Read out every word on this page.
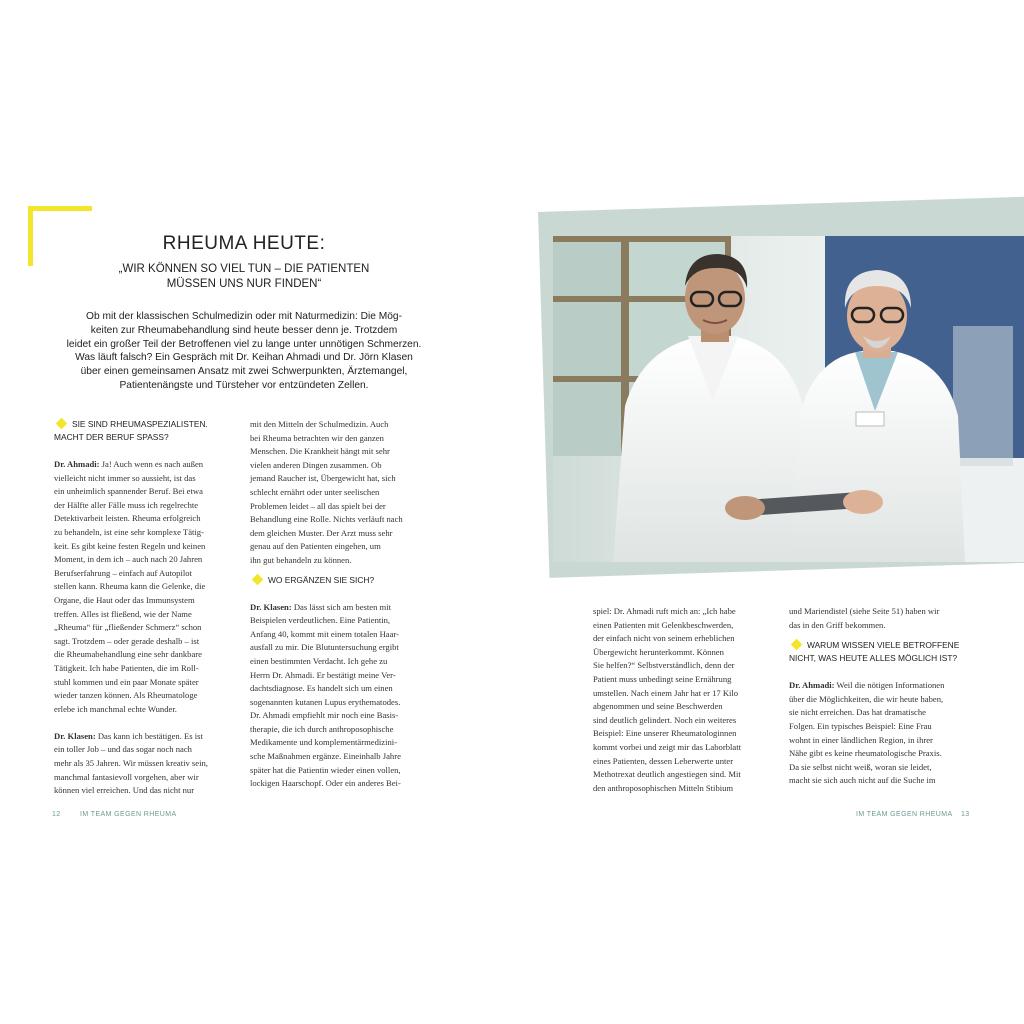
RHEUMA HEUTE:
„WIR KÖNNEN SO VIEL TUN – DIE PATIENTEN
MÜSSEN UNS NUR FINDEN“
Ob mit der klassischen Schulmedizin oder mit Naturmedizin: Die Mög-
keiten zur Rheumabehandlung sind heute besser denn je. Trotzdem
leidet ein großer Teil der Betroffenen viel zu lange unter unnötigen Schmerzen.
Was läuft falsch? Ein Gespräch mit Dr. Keihan Ahmadi und Dr. Jörn Klasen
über einen gemeinsamen Ansatz mit zwei Schwerpunkten, Ärztemangel,
Patientenängste und Türsteher vor entzündeten Zellen.

SIE SIND RHEUMASPEZIALISTEN.

MACHT DER BERUF SPASS?

Dr. Ahmadi: Ja! Auch wenn es nach außen

vielleicht nicht immer so aussieht, ist das

ein unheimlich spannender Beruf. Bei etwa

der Hälfte aller Fälle muss ich regelrechte

Detektivarbeit leisten. Rheuma erfolgreich

zu behandeln, ist eine sehr komplexe Tätig-

keit. Es gibt keine festen Regeln und keinen

Moment, in dem ich – auch nach 20 Jahren

Berufserfahrung – einfach auf Autopilot

stellen kann. Rheuma kann die Gelenke, die

Organe, die Haut oder das Immunsystem

treffen. Alles ist fließend, wie der Name

„Rheuma“ für „fließender Schmerz“ schon

sagt. Trotzdem – oder gerade deshalb – ist

die Rheumabehandlung eine sehr dankbare

Tätigkeit. Ich habe Patienten, die im Roll-

stuhl kommen und ein paar Monate später

wieder tanzen können. Als Rheumatologe

erlebe ich manchmal echte Wunder.

Dr. Klasen: Das kann ich bestätigen. Es ist

ein toller Job – und das sogar noch nach

mehr als 35 Jahren. Wir müssen kreativ sein,

manchmal fantasievoll vorgehen, aber wir

können viel erreichen. Und das nicht nur

mit den Mitteln der Schulmedizin. Auch

bei Rheuma betrachten wir den ganzen

Menschen. Die Krankheit hängt mit sehr

vielen anderen Dingen zusammen. Ob

jemand Raucher ist, Übergewicht hat, sich

schlecht ernährt oder unter seelischen

Problemen leidet – all das spielt bei der

Behandlung eine Rolle. Nichts verläuft nach

dem gleichen Muster. Der Arzt muss sehr

genau auf den Patienten eingehen, um

ihn gut behandeln zu können.

WO ERGÄNZEN SIE SICH?

Dr. Klasen: Das lässt sich am besten mit

Beispielen verdeutlichen. Eine Patientin,

Anfang 40, kommt mit einem totalen Haar-

ausfall zu mir. Die Blutuntersuchung ergibt

einen bestimmten Verdacht. Ich gehe zu

Herrn Dr. Ahmadi. Er bestätigt meine Ver-

dachtsdiagnose. Es handelt sich um einen

sogenannten kutanen Lupus erythematodes.

Dr. Ahmadi empfiehlt mir noch eine Basis-

therapie, die ich durch anthroposophische

Medikamente und komplementärmedizini-

sche Maßnahmen ergänze. Eineinhalb Jahre

später hat die Patientin wieder einen vollen,

lockigen Haarschopf. Oder ein anderes Bei-

12	IM TEAM GEGEN RHEUMA

spiel: Dr. Ahmadi ruft mich an: „Ich habe

einen Patienten mit Gelenkbeschwerden,

der einfach nicht von seinem erheblichen

Übergewicht herunterkommt. Können

Sie helfen?“ Selbstverständlich, denn der

Patient muss unbedingt seine Ernährung

umstellen. Nach einem Jahr hat er 17 Kilo

abgenommen und seine Beschwerden

sind deutlich gelindert. Noch ein weiteres

Beispiel: Eine unserer Rheumatologinnen

kommt vorbei und zeigt mir das Laborblatt

eines Patienten, dessen Leberwerte unter

Methotrexat deutlich angestiegen sind. Mit

den anthroposophischen Mitteln Stibium

und Mariendistel (siehe Seite 51) haben wir

das in den Griff bekommen.

WARUM WISSEN VIELE BETROFFENE

NICHT, WAS HEUTE ALLES MÖGLICH IST?

Dr. Ahmadi: Weil die nötigen Informationen

über die Möglichkeiten, die wir heute haben,

sie nicht erreichen. Das hat dramatische

Folgen. Ein typisches Beispiel: Eine Frau

wohnt in einer ländlichen Region, in ihrer

Nähe gibt es keine rheumatologische Praxis.

Da sie selbst nicht weiß, woran sie leidet,

macht sie sich auch nicht auf die Suche im

IM TEAM GEGEN RHEUMA 13
